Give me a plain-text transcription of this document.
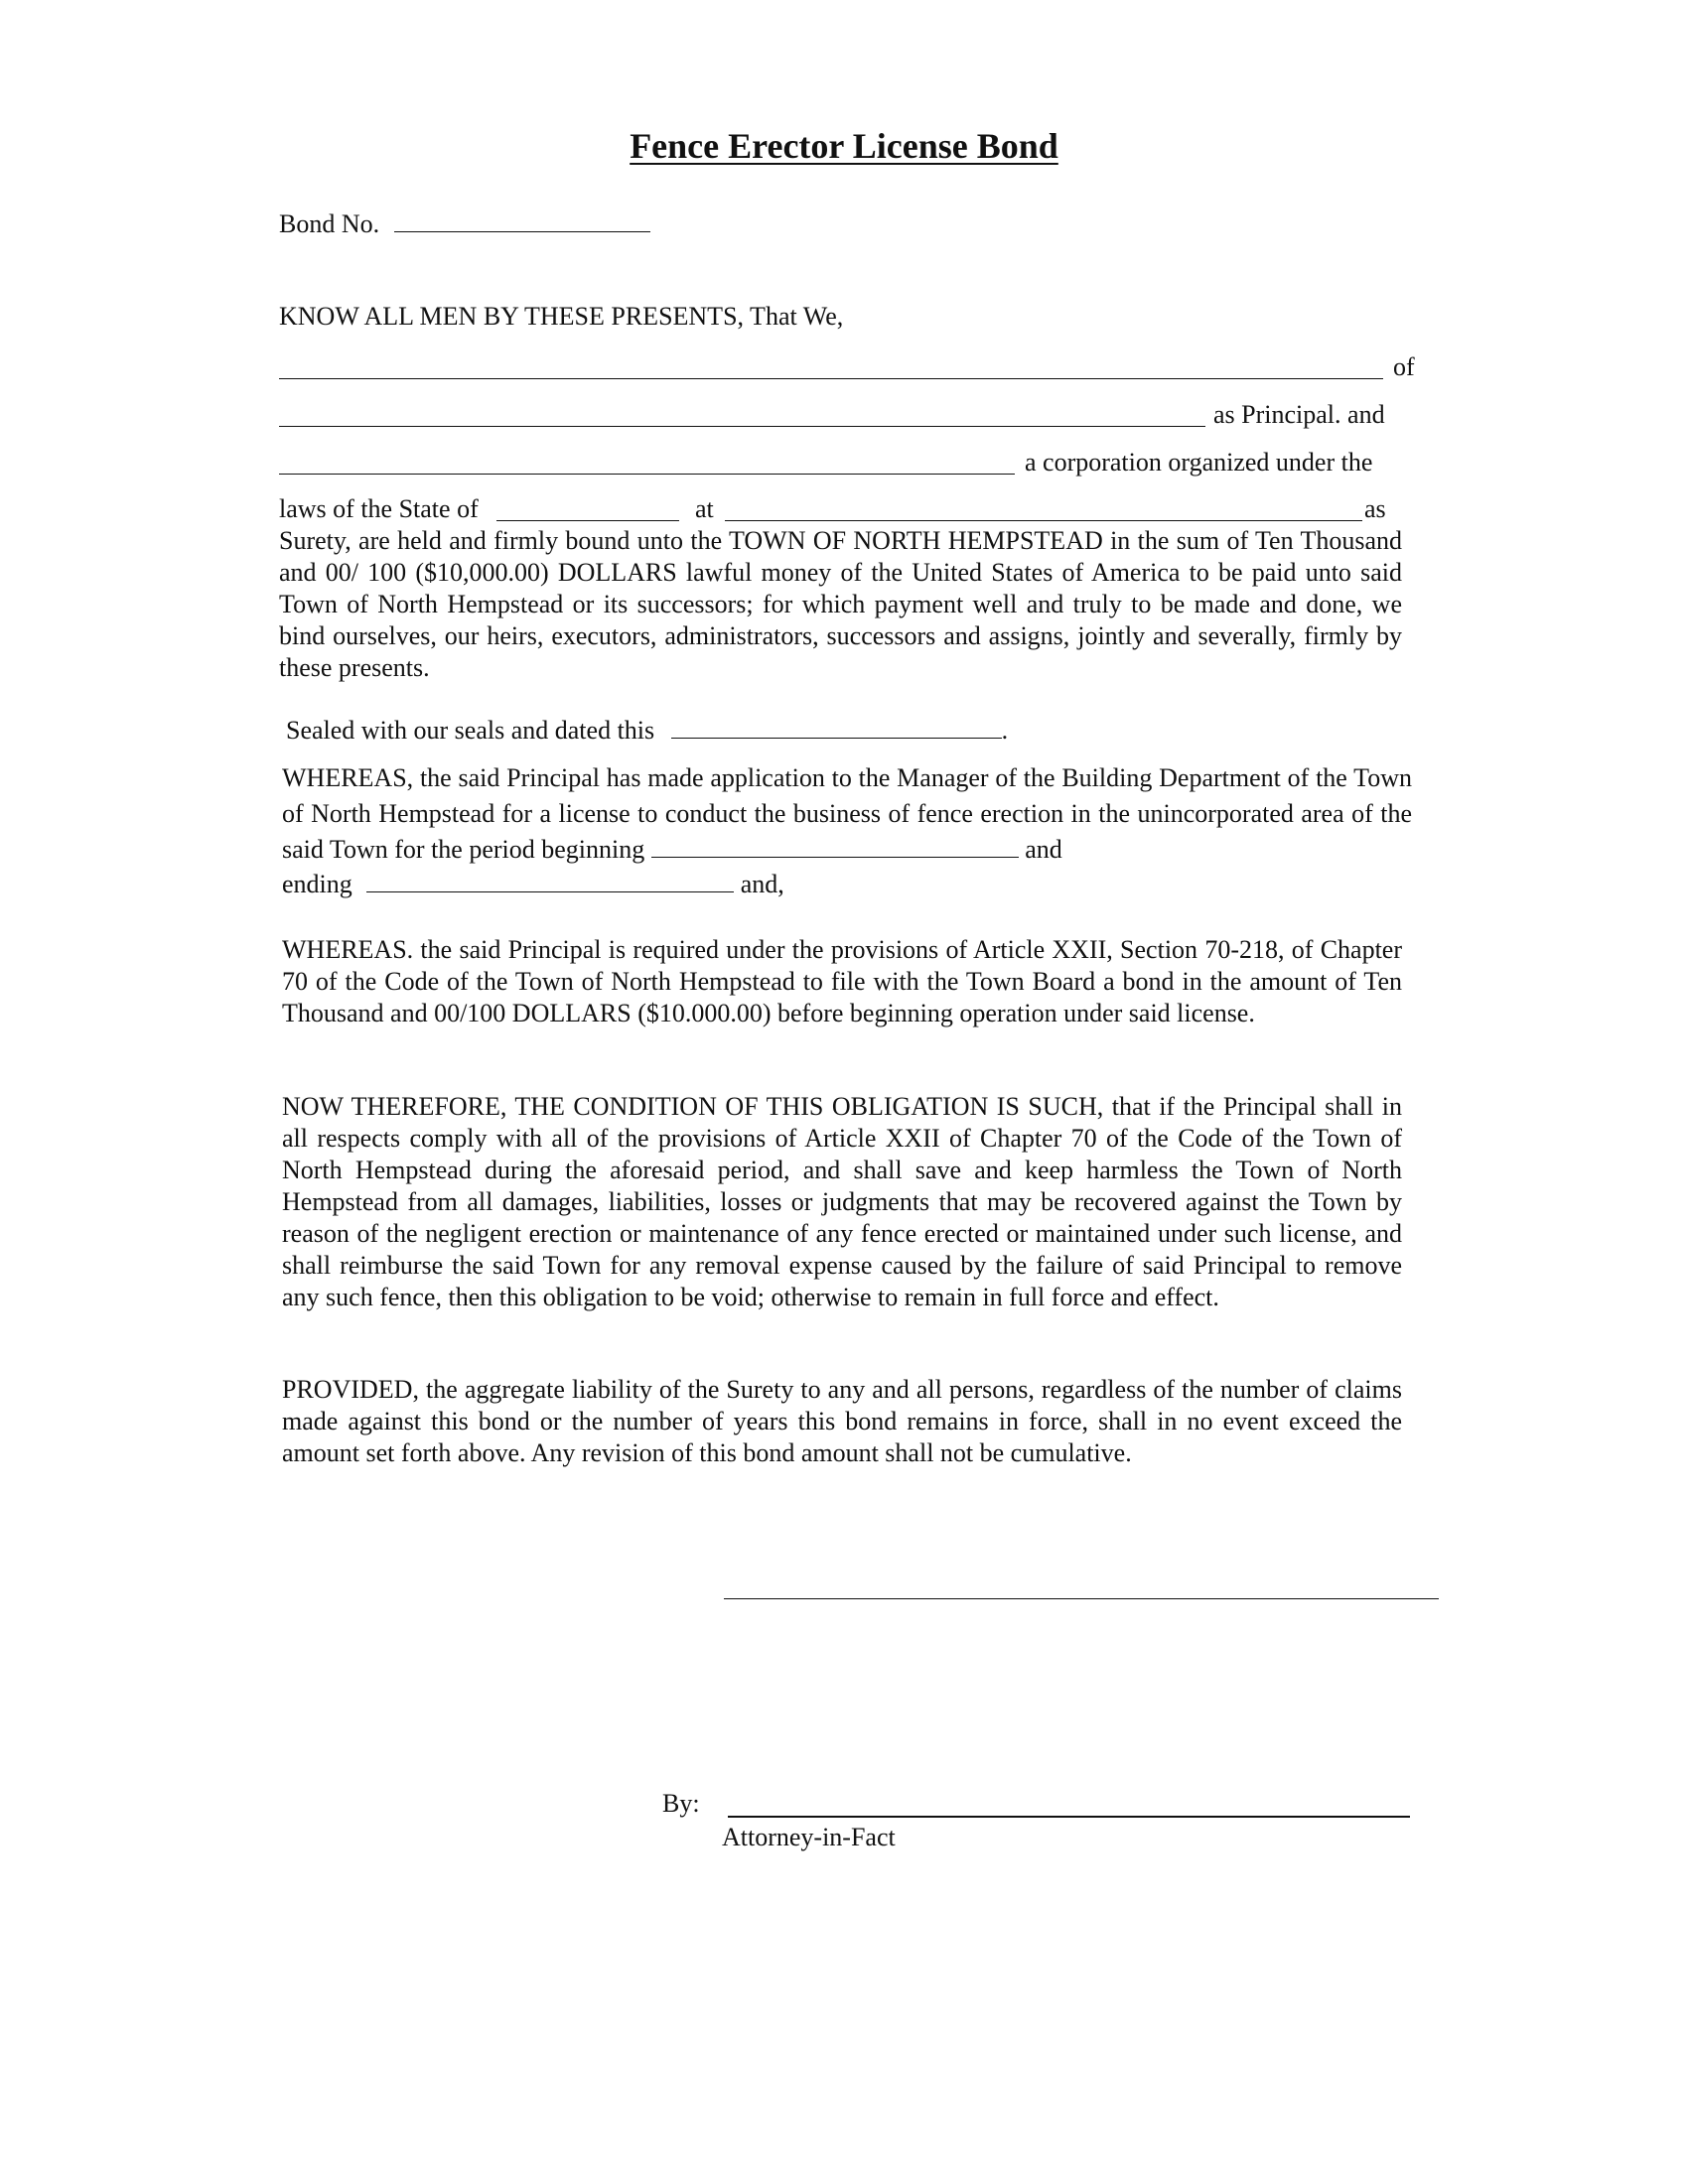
Fence Erector License Bond
Bond No.
KNOW ALL MEN BY THESE PRESENTS, That We,
of
as Principal. and
a corporation organized under the
laws of the State of	at	as
Surety, are held and firmly bound unto the TOWN OF NORTH HEMPSTEAD in the sum of Ten Thousand and 00/ 100 ($10,000.00) DOLLARS lawful money of the United States of America to be paid unto said Town of North Hempstead or its successors; for which payment well and truly to be made and done, we bind ourselves, our heirs, executors, administrators, successors and assigns, jointly and severally, firmly by these presents.
Sealed with our seals and dated this	.
WHEREAS, the said Principal has made application to the Manager of the Building Department of the Town of North Hempstead for a license to conduct the business of fence erection in the unincorporated area of the said Town for the period beginning	and
ending	and,
WHEREAS. the said Principal is required under the provisions of Article XXII, Section 70-218, of Chapter 70 of the Code of the Town of North Hempstead to file with the Town Board a bond in the amount of Ten Thousand and 00/100 DOLLARS ($10.000.00) before beginning operation under said license.
NOW THEREFORE, THE CONDITION OF THIS OBLIGATION IS SUCH, that if the Principal shall in all respects comply with all of the provisions of Article XXII of Chapter 70 of the Code of the Town of North Hempstead during the aforesaid period, and shall save and keep harmless the Town of North Hempstead from all damages, liabilities, losses or judgments that may be recovered against the Town by reason of the negligent erection or maintenance of any fence erected or maintained under such license, and shall reimburse the said Town for any removal expense caused by the failure of said Principal to remove any such fence, then this obligation to be void; otherwise to remain in full force and effect.
PROVIDED, the aggregate liability of the Surety to any and all persons, regardless of the number of claims made against this bond or the number of years this bond remains in force, shall in no event exceed the amount set forth above. Any revision of this bond amount shall not be cumulative.
By:
Attorney-in-Fact
